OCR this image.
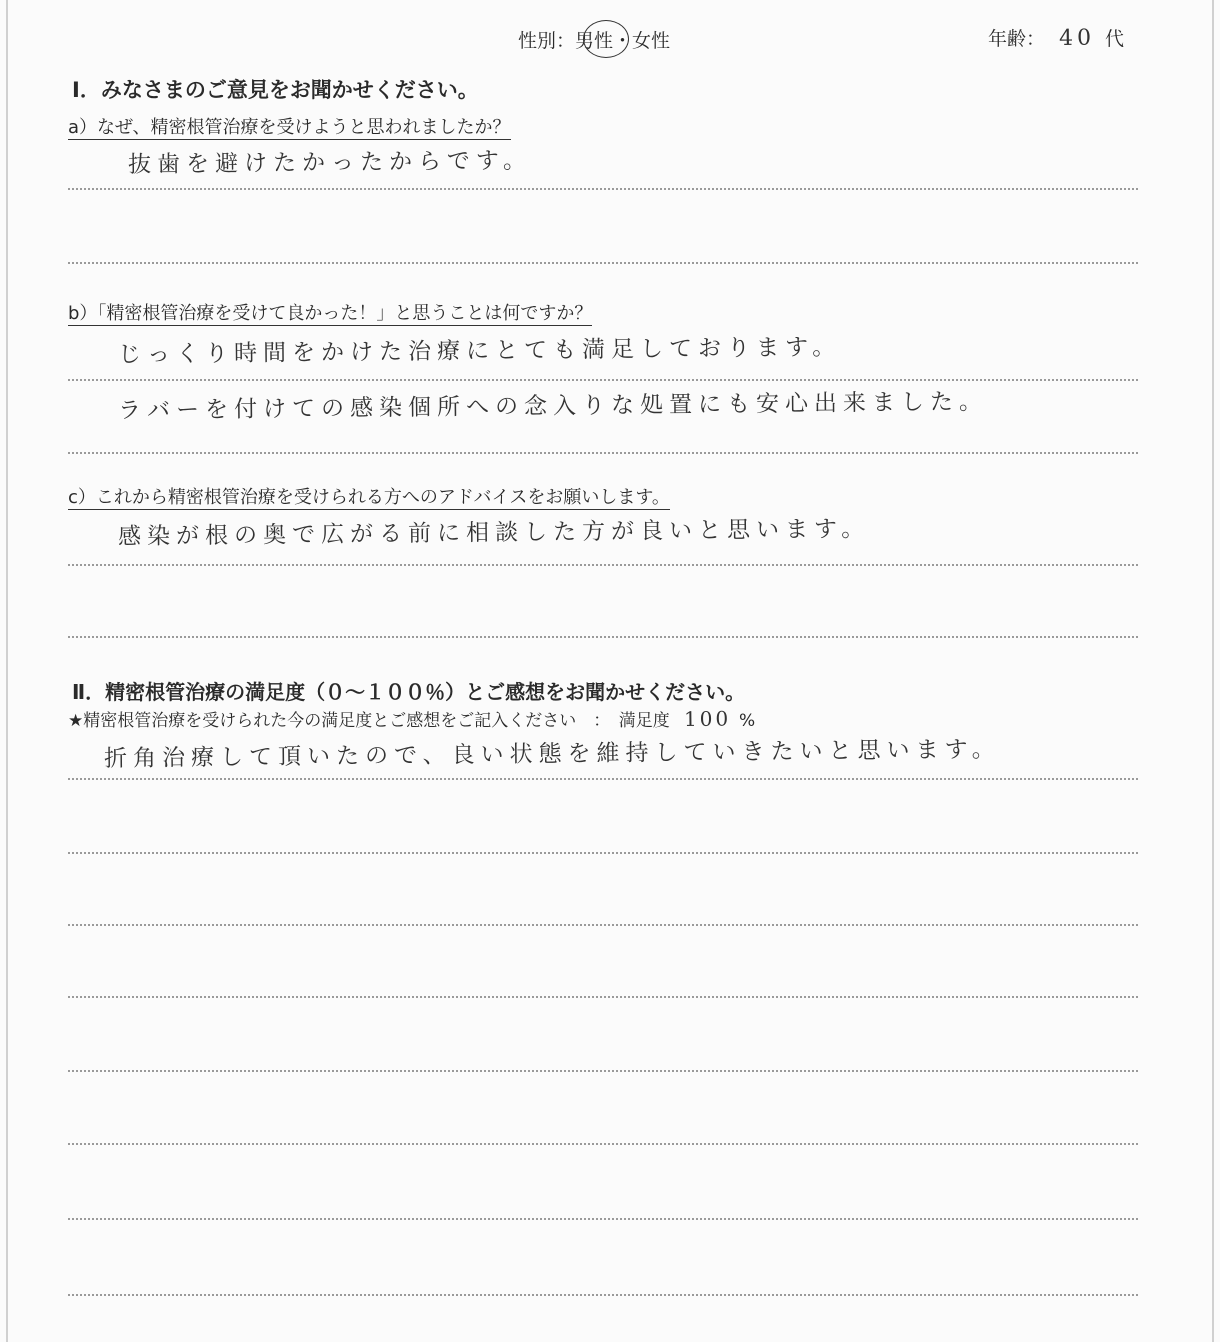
性別：男性・女性	年齢： 40 代
Ⅰ．みなさまのご意見をお聞かせください。
a）なぜ、精密根管治療を受けようと思われましたか？
抜歯を避けたかったからです。
b）「精密根管治療を受けて良かった！」と思うことは何ですか？
じっくり時間をかけた治療にとても満足しております。
ラバーを付けての感染個所への念入りな処置にも安心出来ました。
c）これから精密根管治療を受けられる方へのアドバイスをお願いします。
感染が根の奥で広がる前に相談した方が良いと思います。
Ⅱ．精密根管治療の満足度（０～１００％）とご感想をお聞かせください。
★精密根管治療を受けられた今の満足度とご感想をご記入ください　：　満足度 100 %
折角治療して頂いたので、良い状態を維持していきたいと思います。
